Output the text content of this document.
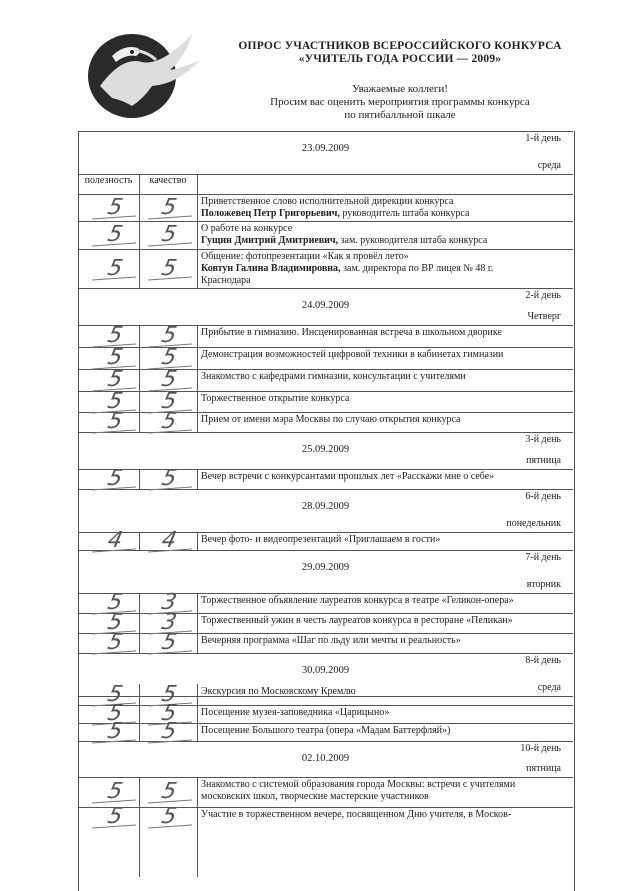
ОПРОС УЧАСТНИКОВ ВСЕРОССИЙСКОГО КОНКУРСА
«УЧИТЕЛЬ ГОДА РОССИИ — 2009»
Уважаемые коллеги!
Просим вас оценить мероприятия программы конкурса
по пятибалльной шкале
полезность	качество
1-й день
23.09.2009
среда
2-й день
24.09.2009
Четверг
3-й день
25.09.2009
пятница
6-й день
28.09.2009
понедельник
7-й день
29.09.2009
вторник
8-й день
30.09.2009
среда
10-й день
02.10.2009
пятница
Приветственное слово исполнительной дирекции конкурса
Положевец Петр Григорьевич, руководитель штаба конкурса
5 5
О работе на конкурсе
Гущин Дмитрий Дмитриевич, зам. руководителя штаба конкурса
5 5
Общение: фотопрезентации «Как я провёл лето»
Ковтун Галина Владимировна, зам. директора по ВР лицея № 48 г.
Краснодара
5 5
Прибытие в гимназию. Инсценированная встреча в школьном дворике
5 5
Демонстрация возможностей цифровой техники в кабинетах гимназии
5 5
Знакомство с кафедрами гимназии, консультации с учителями
5 5
Торжественное открытие конкурса
5 5
Прием от имени мэра Москвы по случаю открытия конкурса
5 5
Вечер встречи с конкурсантами прошлых лет «Расскажи мне о себе»
5 5
Вечер фото- и видеопрезентаций «Приглашаем в гости»
4 4
Торжественное объявление лауреатов конкурса в театре «Геликон-опера»
5 3
Торжественный ужин в честь лауреатов конкурса в ресторане «Пеликан»
5 3
Вечерняя программа «Шаг по льду или мечты и реальность»
5 5
Экскурсия по Московскому Кремлю
5 5
Посещение музея-заповедника «Царицыно»
5 5
Посещение Большого театра (опера «Мадам Баттерфляй»)
5 5
Знакомство с системой образования города Москвы: встречи с учителями
московских школ, творческие мастерские участников
5 5
Участие в торжественном вечере, посвященном Дню учителя, в Москов-
5 5
